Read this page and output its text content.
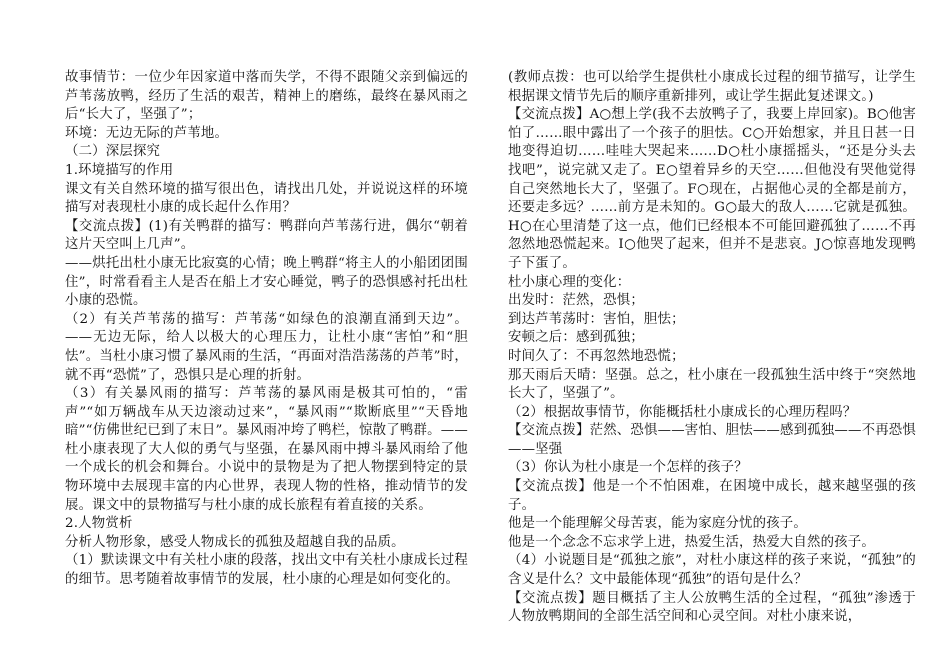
故事情节：一位少年因家道中落而失学，不得不跟随父亲到偏远的芦苇荡放鸭，经历了生活的艰苦，精神上的磨练，最终在暴风雨之后“长大了，坚强了”；

环境：无边无际的芦苇地。

（二）深层探究

1.环境描写的作用

课文有关自然环境的描写很出色，请找出几处，并说说这样的环境描写对表现杜小康的成长起什么作用？

【交流点拨】(1)有关鸭群的描写：鸭群向芦苇荡行进，偶尔“朝着这片天空叫上几声”。

——烘托出杜小康无比寂寞的心情；晚上鸭群“将主人的小船团团围住”，时常看看主人是否在船上才安心睡觉，鸭子的恐惧感衬托出杜小康的恐慌。

（2）有关芦苇荡的描写：芦苇荡“如绿色的浪潮直涌到天边”。——无边无际，给人以极大的心理压力，让杜小康“害怕”和“胆怯”。当杜小康习惯了暴风雨的生活，“再面对浩浩荡荡的芦苇”时，就不再“恐慌”了，恐惧只是心理的折射。

（3）有关暴风雨的描写：芦苇荡的暴风雨是极其可怕的，“雷声”“如万辆战车从天边滚动过来”，“暴风雨”“欺断底里”“天昏地暗”“仿佛世纪已到了末日”。暴风雨冲垮了鸭栏，惊散了鸭群。——杜小康表现了大人似的勇气与坚强，在暴风雨中搏斗暴风雨给了他一个成长的机会和舞台。小说中的景物是为了把人物摆到特定的景物环境中去展现丰富的内心世界，表现人物的性格，推动情节的发展。课文中的景物描写与杜小康的成长旅程有着直接的关系。

2.人物赏析

分析人物形象，感受人物成长的孤独及超越自我的品质。

（1）默读课文中有关杜小康的段落，找出文中有关杜小康成长过程的细节。思考随着故事情节的发展，杜小康的心理是如何变化的。

(教师点拨：也可以给学生提供杜小康成长过程的细节描写，让学生根据课文情节先后的顺序重新排列，或让学生据此复述课文。)

【交流点拨】A○想上学(我不去放鸭子了，我要上岸回家)。B○他害怕了……眼中露出了一个孩子的胆怯。C○开始想家，并且日甚一日地变得迫切……哇哇大哭起来……D○杜小康摇摇头，“还是分头去找吧”，说完就又走了。E○望着异乡的天空……但他没有哭他觉得自己突然地长大了，坚强了。F○现在，占据他心灵的全都是前方，还要走多远？……前方是未知的。G○最大的敌人……它就是孤独。H○在心里清楚了这一点，他们已经根本不可能回避孤独了……不再忽然地恐慌起来。I○他哭了起来，但并不是悲哀。J○惊喜地发现鸭子下蛋了。

杜小康心理的变化：

出发时：茫然，恐惧；

到达芦苇荡时：害怕，胆怯；

安顿之后：感到孤独；

时间久了：不再忽然地恐慌；

那天雨后天晴：坚强。总之，杜小康在一段孤独生活中终于“突然地长大了，坚强了”。

（2）根据故事情节，你能概括杜小康成长的心理历程吗？

【交流点拨】茫然、恐惧——害怕、胆怯——感到孤独——不再恐惧——坚强

（3）你认为杜小康是一个怎样的孩子？

【交流点拨】他是一个不怕困难，在困境中成长，越来越坚强的孩子。

他是一个能理解父母苦衷，能为家庭分忧的孩子。

他是一个念念不忘求学上进，热爱生活，热爱大自然的孩子。

（4）小说题目是“孤独之旅”，对杜小康这样的孩子来说，“孤独”的含义是什么？文中最能体现“孤独”的语句是什么？

【交流点拨】题目概括了主人公放鸭生活的全过程，“孤独”渗透于人物放鸭期间的全部生活空间和心灵空间。对杜小康来说，
